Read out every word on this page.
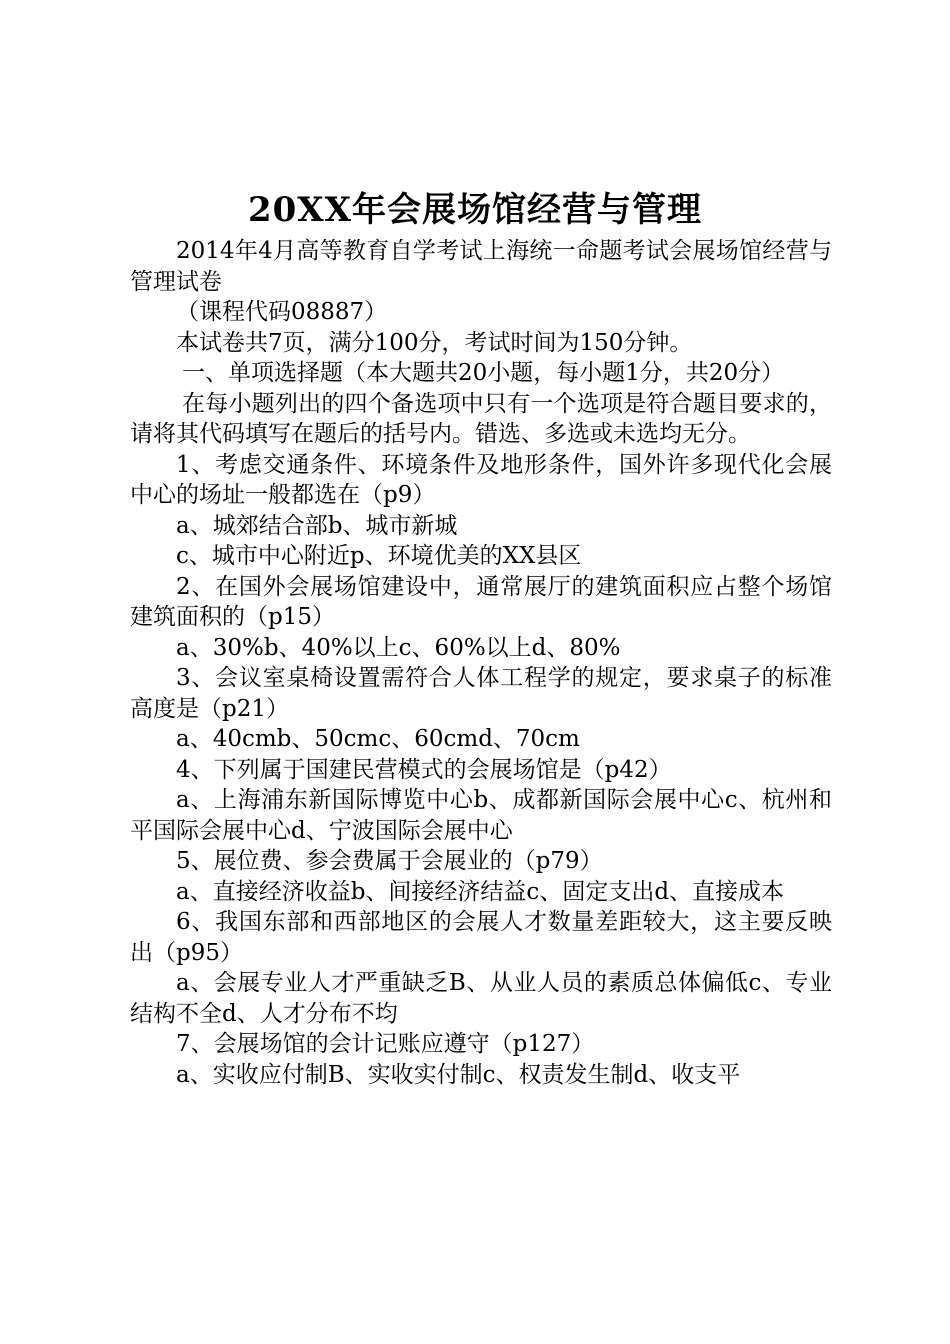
20XX年会展场馆经营与管理

2014年4月高等教育自学考试上海统一命题考试会展场馆经营与管理试卷

（课程代码08887）

本试卷共7页，满分100分，考试时间为150分钟。

一、单项选择题（本大题共20小题，每小题1分，共20分）

在每小题列出的四个备选项中只有一个选项是符合题目要求的，请将其代码填写在题后的括号内。错选、多选或未选均无分。

1、考虑交通条件、环境条件及地形条件，国外许多现代化会展中心的场址一般都选在（p9）

a、城郊结合部b、城市新城

c、城市中心附近p、环境优美的XX县区

2、在国外会展场馆建设中，通常展厅的建筑面积应占整个场馆建筑面积的（p15）

a、30%b、40%以上c、60%以上d、80%

3、会议室桌椅设置需符合人体工程学的规定，要求桌子的标准高度是（p21）

a、40cmb、50cmc、60cmd、70cm

4、下列属于国建民营模式的会展场馆是（p42）

a、上海浦东新国际博览中心b、成都新国际会展中心c、杭州和平国际会展中心d、宁波国际会展中心

5、展位费、参会费属于会展业的（p79）

a、直接经济收益b、间接经济结益c、固定支出d、直接成本

6、我国东部和西部地区的会展人才数量差距较大，这主要反映出（p95）

a、会展专业人才严重缺乏B、从业人员的素质总体偏低c、专业结构不全d、人才分布不均

7、会展场馆的会计记账应遵守（p127）

a、实收应付制B、实收实付制c、权责发生制d、收支平
